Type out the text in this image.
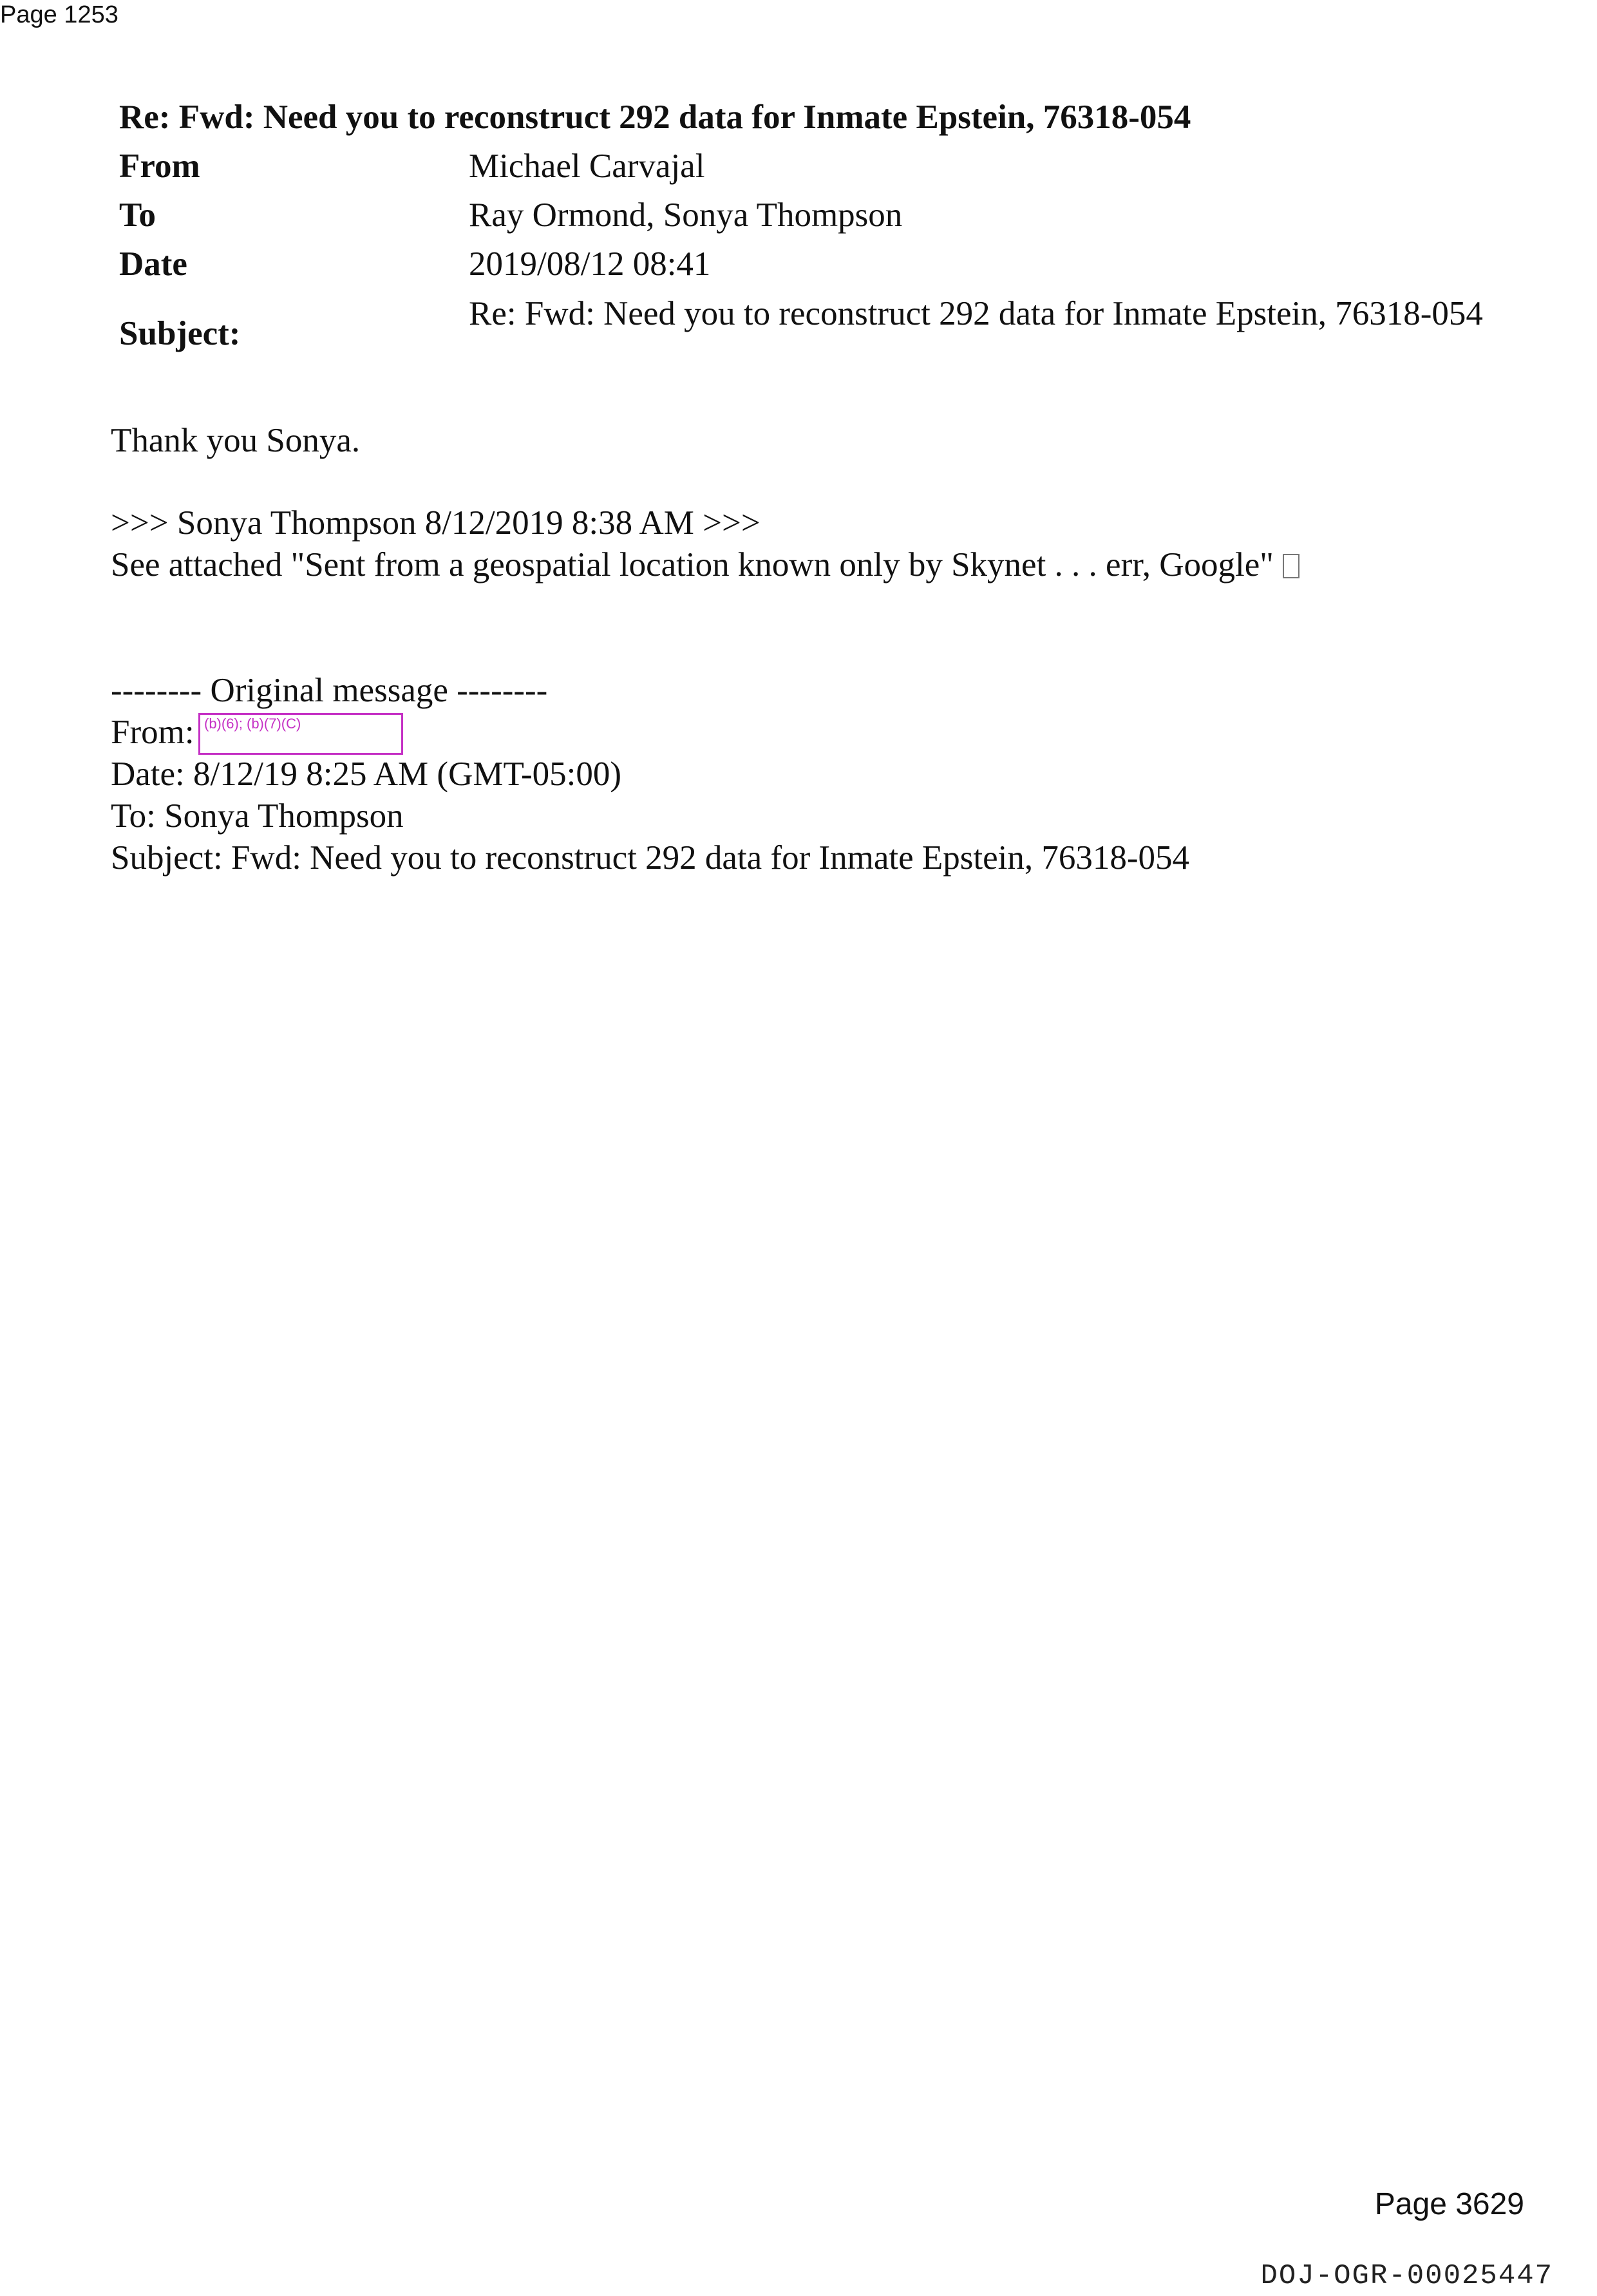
Page 1253
Re: Fwd: Need you to reconstruct 292 data for Inmate Epstein, 76318-054
From	Michael Carvajal
To	Ray Ormond, Sonya Thompson
Date	2019/08/12 08:41
Subject:
Re: Fwd: Need you to reconstruct 292 data for Inmate Epstein, 76318-054
Thank you Sonya.
>>> Sonya Thompson 8/12/2019 8:38 AM >>>
See attached "Sent from a geospatial location known only by Skynet . . . err, Google"
-------- Original message --------
From: (b)(6); (b)(7)(C)
Date: 8/12/19 8:25 AM (GMT-05:00)
To: Sonya Thompson
Subject: Fwd: Need you to reconstruct 292 data for Inmate Epstein, 76318-054
Page 3629
DOJ-OGR-00025447
